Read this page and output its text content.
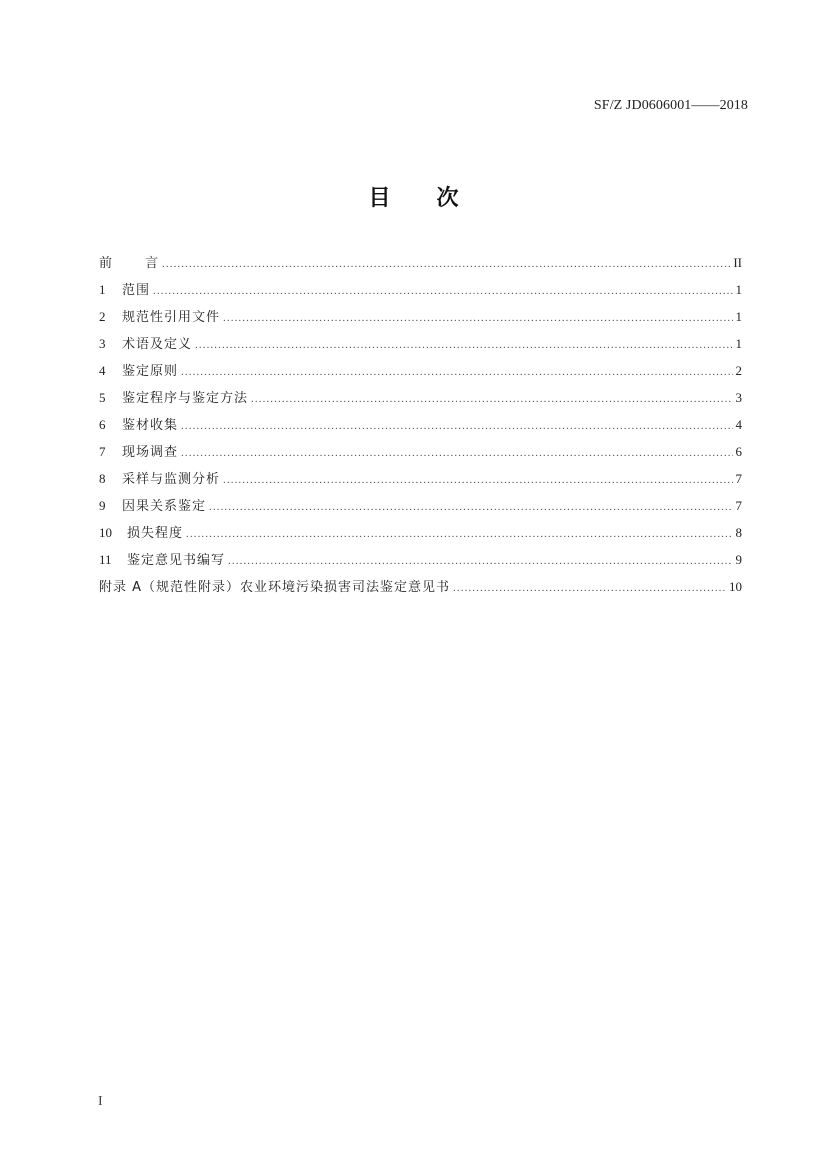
SF/Z JD0606001——2018
目 次
前 言 .....	II
1	范围 .....	1
2	规范性引用文件 .....	1
3	术语及定义 .....	1
4	鉴定原则 .....	2
5	鉴定程序与鉴定方法 .....	3
6	鉴材收集 .....	4
7	现场调查 .....	6
8	采样与监测分析 .....	7
9	因果关系鉴定 .....	7
10	损失程度 .....	8
11	鉴定意见书编写 .....	9
附录 A（规范性附录）农业环境污染损害司法鉴定意见书 .....	10
I
